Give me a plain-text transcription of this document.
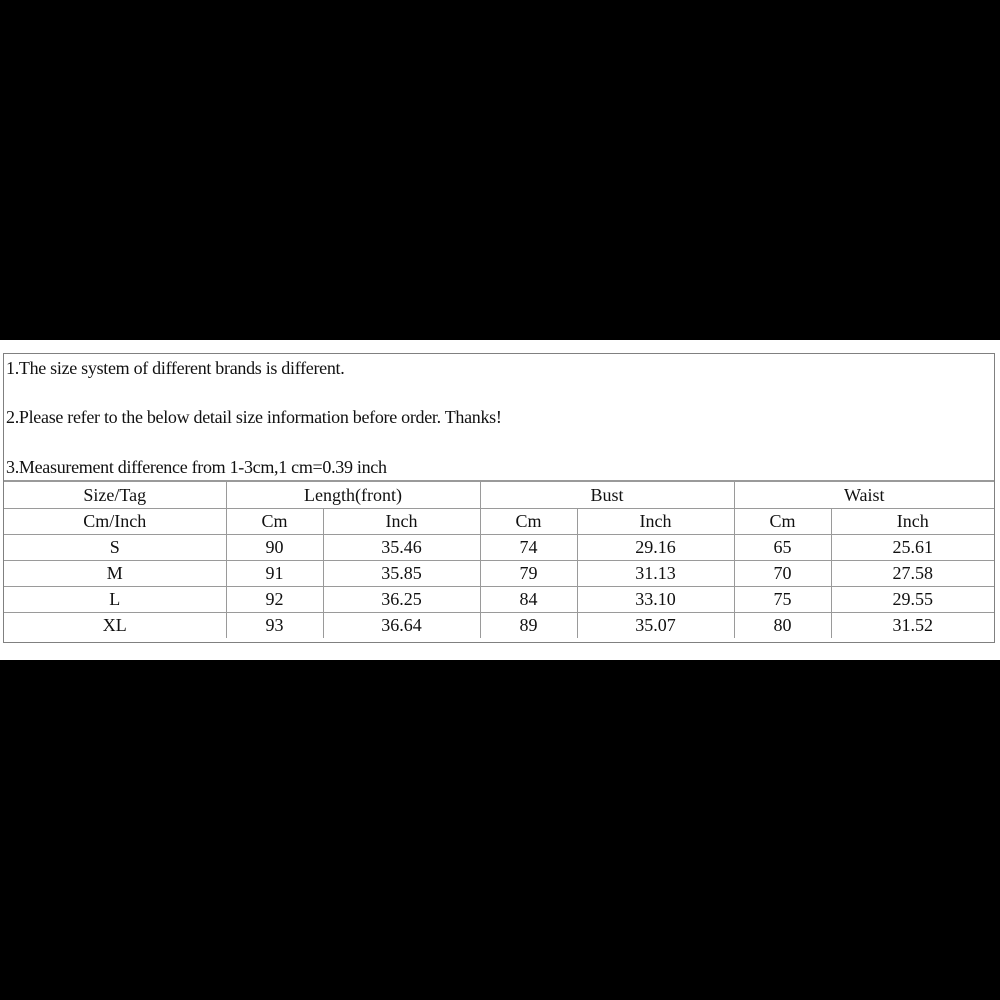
1.The size system of different brands is different.
2.Please refer to the below detail size information before order. Thanks!
3.Measurement difference from 1-3cm,1 cm=0.39 inch
Size/Tag	Length(front)		Bust		Waist	
Cm/Inch	Cm	Inch	Cm	Inch	Cm	Inch
S	90	35.46	74	29.16	65	25.61
M	91	35.85	79	31.13	70	27.58
L	92	36.25	84	33.10	75	29.55
XL	93	36.64	89	35.07	80	31.52
